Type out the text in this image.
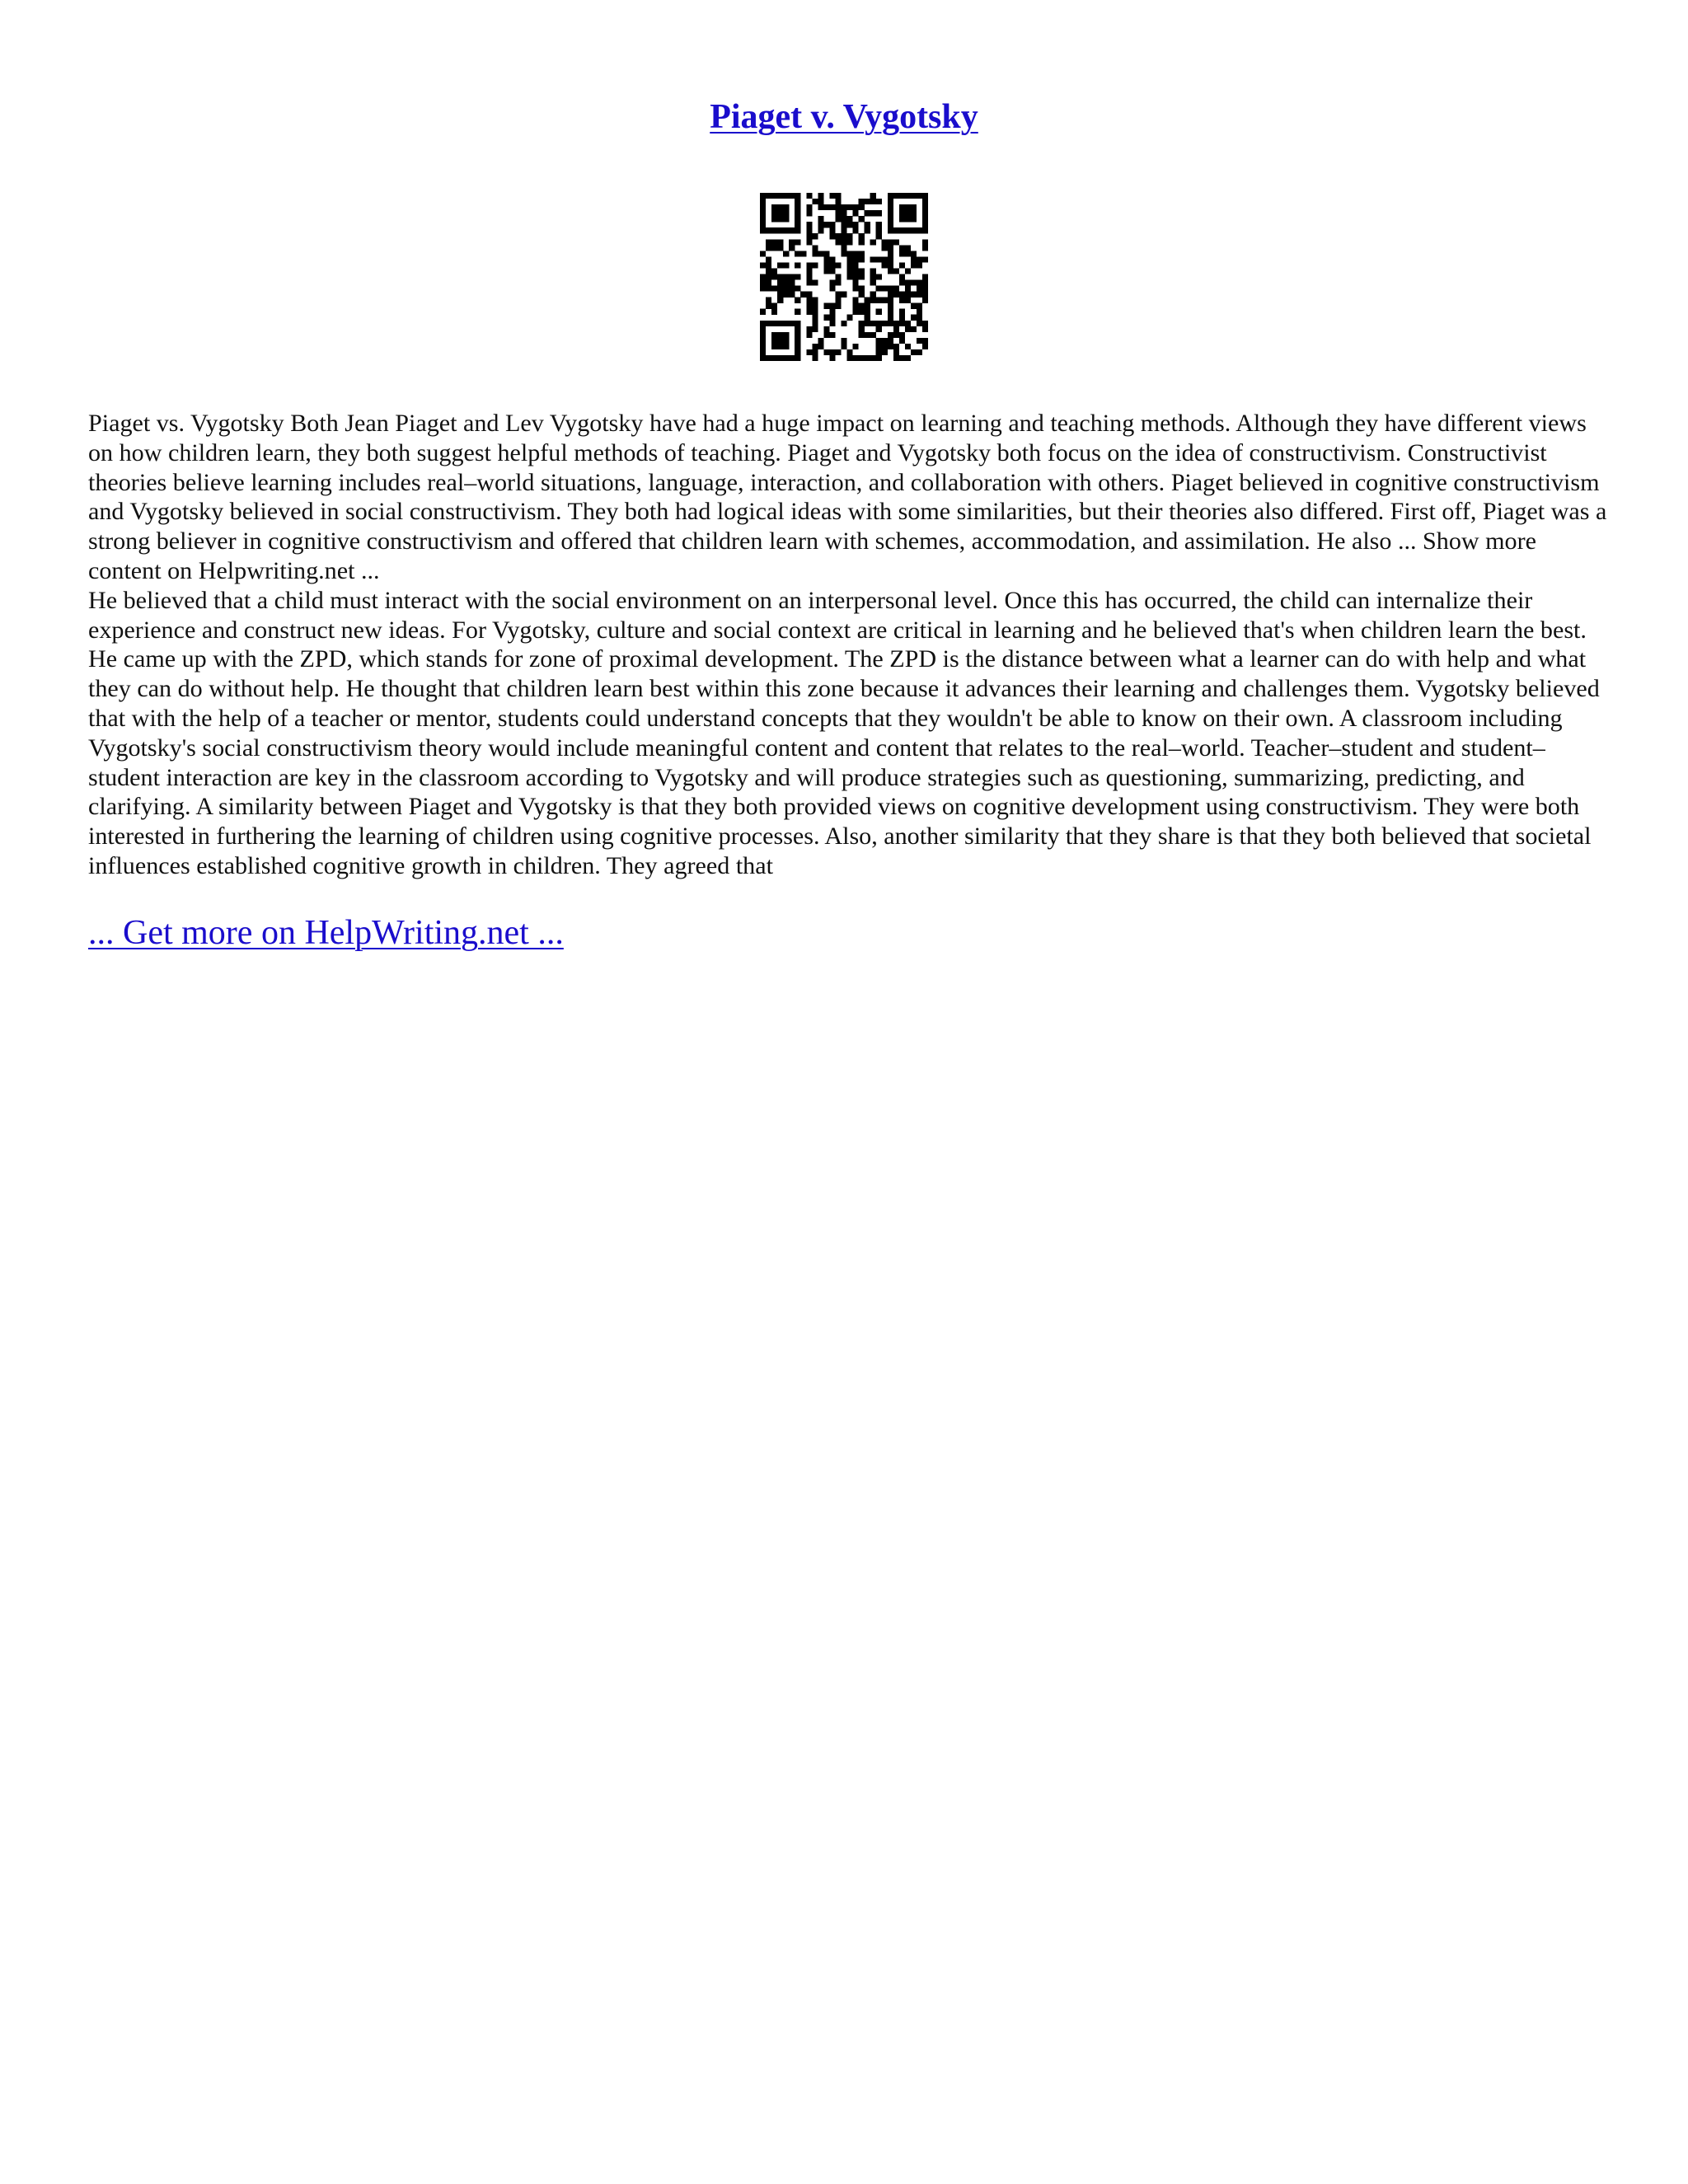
Piaget v. Vygotsky

Piaget vs. Vygotsky Both Jean Piaget and Lev Vygotsky have had a huge impact on learning and teaching methods. Although they have different views on how children learn, they both suggest helpful methods of teaching. Piaget and Vygotsky both focus on the idea of constructivism. Constructivist theories believe learning includes real–world situations, language, interaction, and collaboration with others. Piaget believed in cognitive constructivism and Vygotsky believed in social constructivism. They both had logical ideas with some similarities, but their theories also differed. First off, Piaget was a strong believer in cognitive constructivism and offered that children learn with schemes, accommodation, and assimilation. He also ... Show more content on Helpwriting.net ...

He believed that a child must interact with the social environment on an interpersonal level. Once this has occurred, the child can internalize their experience and construct new ideas. For Vygotsky, culture and social context are critical in learning and he believed that's when children learn the best. He came up with the ZPD, which stands for zone of proximal development. The ZPD is the distance between what a learner can do with help and what they can do without help. He thought that children learn best within this zone because it advances their learning and challenges them. Vygotsky believed that with the help of a teacher or mentor, students could understand concepts that they wouldn't be able to know on their own. A classroom including Vygotsky's social constructivism theory would include meaningful content and content that relates to the real–world. Teacher–student and student–student interaction are key in the classroom according to Vygotsky and will produce strategies such as questioning, summarizing, predicting, and clarifying. A similarity between Piaget and Vygotsky is that they both provided views on cognitive development using constructivism. They were both interested in furthering the learning of children using cognitive processes. Also, another similarity that they share is that they both believed that societal influences established cognitive growth in children. They agreed that

... Get more on HelpWriting.net ...
